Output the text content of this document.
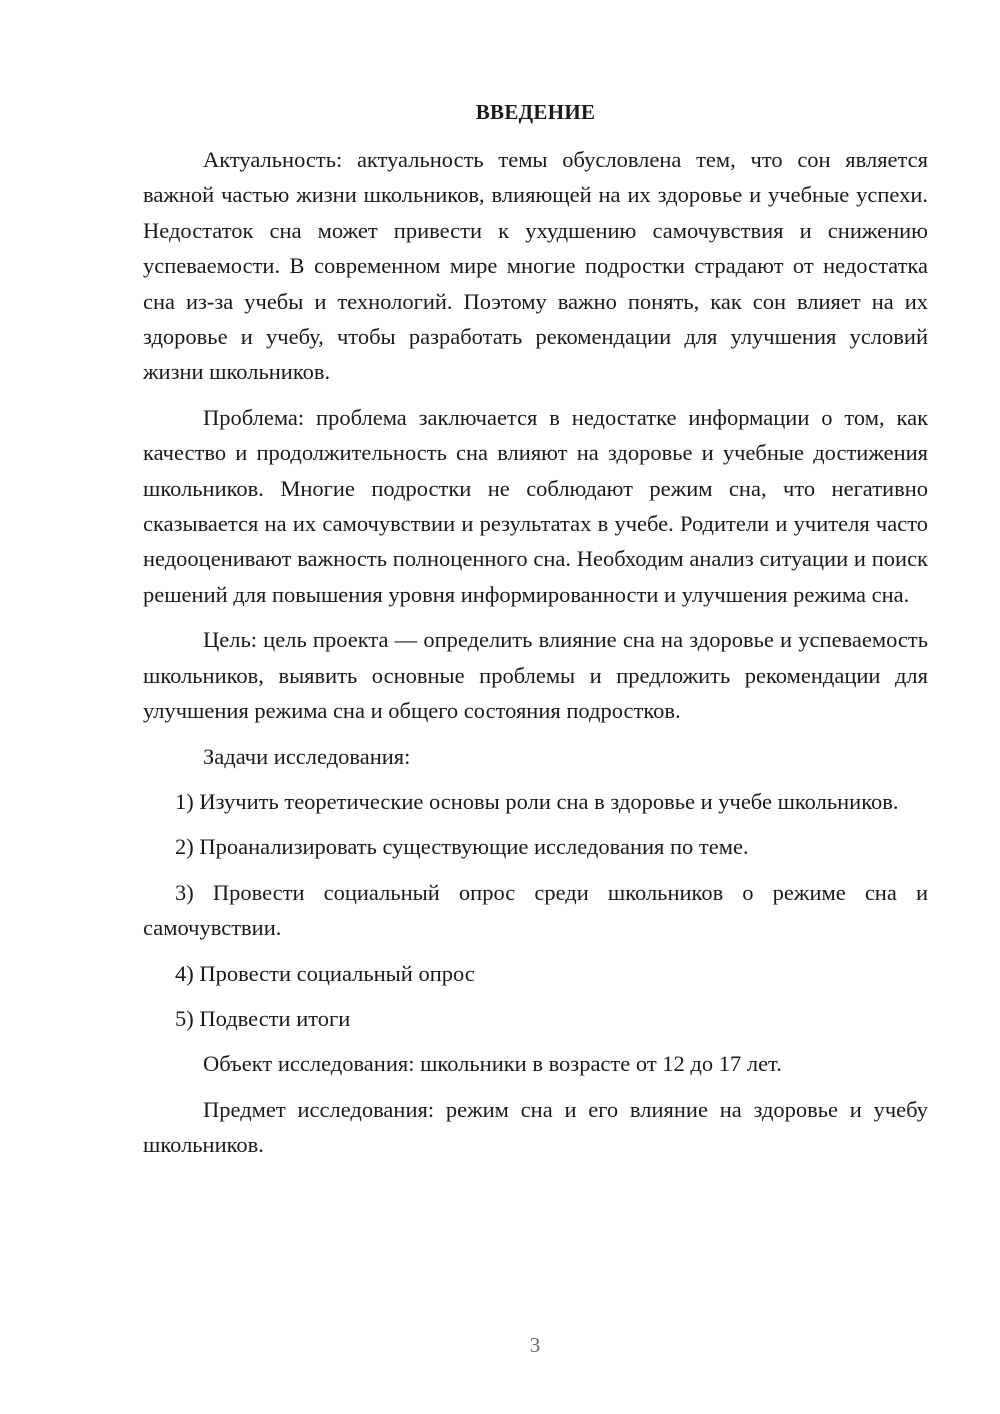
ВВЕДЕНИЕ

Актуальность: актуальность темы обусловлена тем, что сон является важной частью жизни школьников, влияющей на их здоровье и учебные успехи. Недостаток сна может привести к ухудшению самочувствия и снижению успеваемости. В современном мире многие подростки страдают от недостатка сна из-за учебы и технологий. Поэтому важно понять, как сон влияет на их здоровье и учебу, чтобы разработать рекомендации для улучшения условий жизни школьников.

Проблема: проблема заключается в недостатке информации о том, как качество и продолжительность сна влияют на здоровье и учебные достижения школьников. Многие подростки не соблюдают режим сна, что негативно сказывается на их самочувствии и результатах в учебе. Родители и учителя часто недооценивают важность полноценного сна. Необходим анализ ситуации и поиск решений для повышения уровня информированности и улучшения режима сна.

Цель: цель проекта — определить влияние сна на здоровье и успеваемость школьников, выявить основные проблемы и предложить рекомендации для улучшения режима сна и общего состояния подростков.

Задачи исследования:

1) Изучить теоретические основы роли сна в здоровье и учебе школьников.

2) Проанализировать существующие исследования по теме.

3) Провести социальный опрос среди школьников о режиме сна и самочувствии.

4) Провести социальный опрос

5) Подвести итоги

Объект исследования: школьники в возрасте от 12 до 17 лет.

Предмет исследования: режим сна и его влияние на здоровье и учебу школьников.

3
